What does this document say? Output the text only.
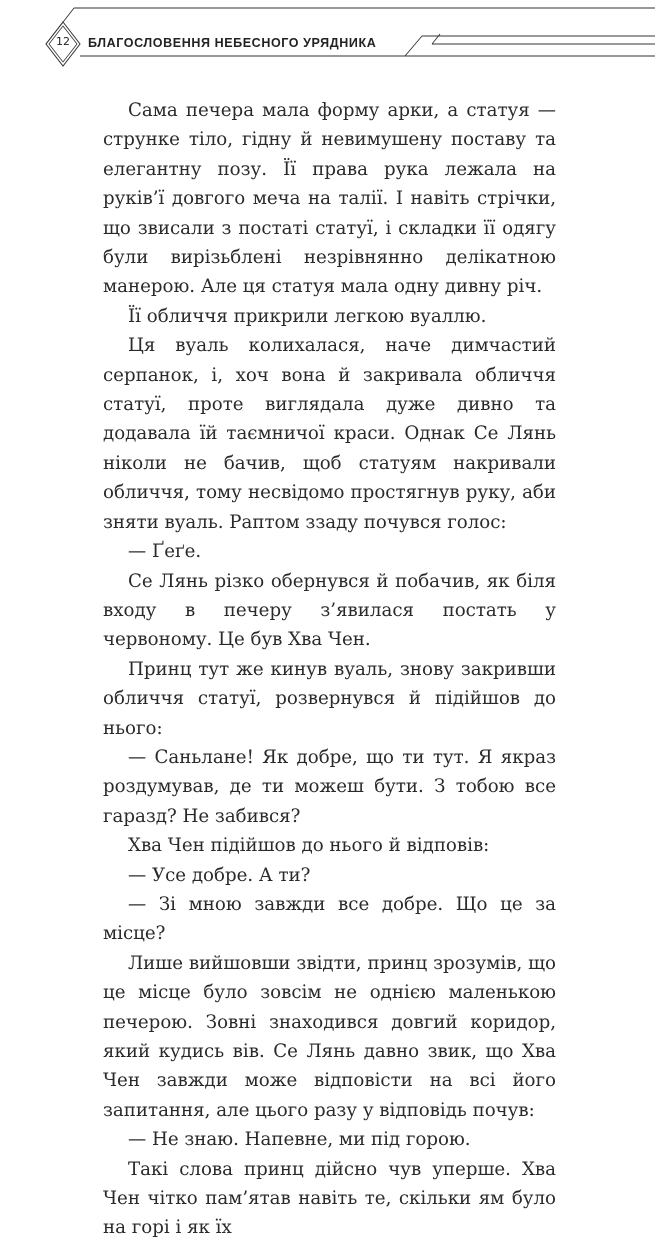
12	БЛАГОСЛОВЕННЯ НЕБЕСНОГО УРЯДНИКА

Сама печера мала форму арки, а статуя — струнке тіло, гідну й невимушену поставу та елегантну позу. Її права рука лежала на руків’ї довгого меча на талії. І навіть стрічки, що звисали з постаті статуї, і складки її одягу були вирізьблені незрівнянно делікатною манерою. Але ця статуя мала одну дивну річ.

Її обличчя прикрили легкою вуаллю.

Ця вуаль колихалася, наче димчастий серпанок, і, хоч вона й закривала обличчя статуї, проте виглядала дуже дивно та додавала їй таємничої краси. Однак Се Лянь ніколи не бачив, щоб статуям накривали обличчя, тому несвідомо простягнув руку, аби зняти вуаль. Раптом ззаду почувся голос:

— Ґеґе.

Се Лянь різко обернувся й побачив, як біля входу в печеру з’явилася постать у червоному. Це був Хва Чен.

Принц тут же кинув вуаль, знову закривши обличчя статуї, розвернувся й підійшов до нього:

— Саньлане! Як добре, що ти тут. Я якраз роздумував, де ти можеш бути. З тобою все гаразд? Не забився?

Хва Чен підійшов до нього й відповів:

— Усе добре. А ти?

— Зі мною завжди все добре. Що це за місце?

Лише вийшовши звідти, принц зрозумів, що це місце було зовсім не однією маленькою печерою. Зовні знаходився довгий коридор, який кудись вів. Се Лянь давно звик, що Хва Чен завжди може відповісти на всі його запитання, але цього разу у відповідь почув:

— Не знаю. Напевне, ми під горою.

Такі слова принц дійсно чув уперше. Хва Чен чітко пам’ятав навіть те, скільки ям було на горі і як їх
